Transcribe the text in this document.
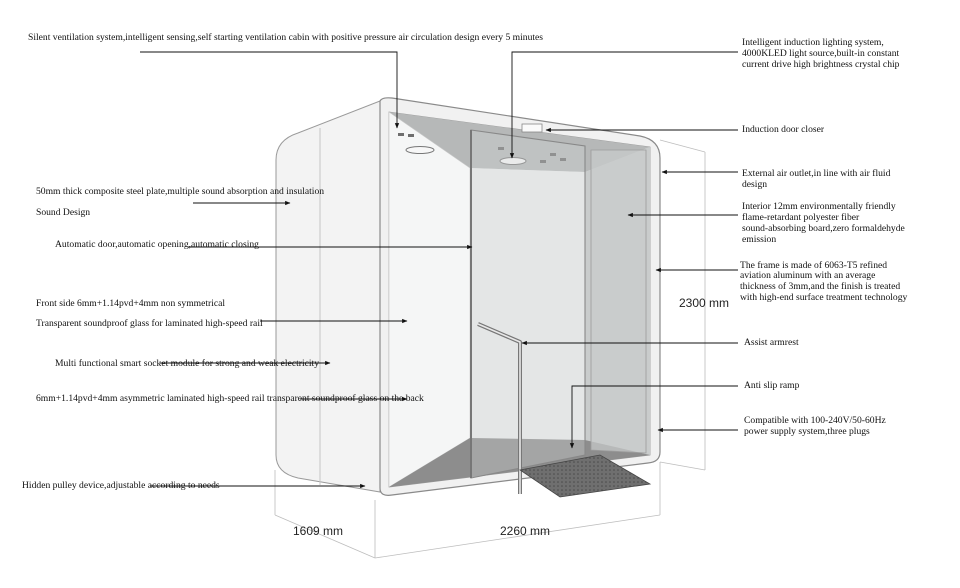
Silent ventilation system,intelligent sensing,self starting ventilation cabin with positive pressure air circulation design every 5 minutes
50mm thick composite steel plate,multiple sound absorption and insulation
Sound Design
Automatic door,automatic opening,automatic closing
Front side 6mm+1.14pvd+4mm non symmetrical
Transparent soundproof glass for laminated high-speed rail
Multi functional smart socket module for strong and weak electricity
6mm+1.14pvd+4mm asymmetric laminated high-speed rail transparent soundproof glass on the back
Hidden pulley device,adjustable according to needs
Intelligent induction lighting system,
4000KLED light source,built-in constant
current drive high brightness crystal chip
Induction door closer
External air outlet,in line with air fluid
design
Interior 12mm environmentally friendly
flame-retardant polyester fiber
sound-absorbing board,zero formaldehyde
emission
The frame is made of 6063-T5 refined
aviation aluminum with an average
thickness of 3mm,and the finish is treated
with high-end surface treatment technology
Assist armrest
Anti slip ramp
Compatible with 100-240V/50-60Hz
power supply system,three plugs
2300 mm
1609 mm	2260 mm
